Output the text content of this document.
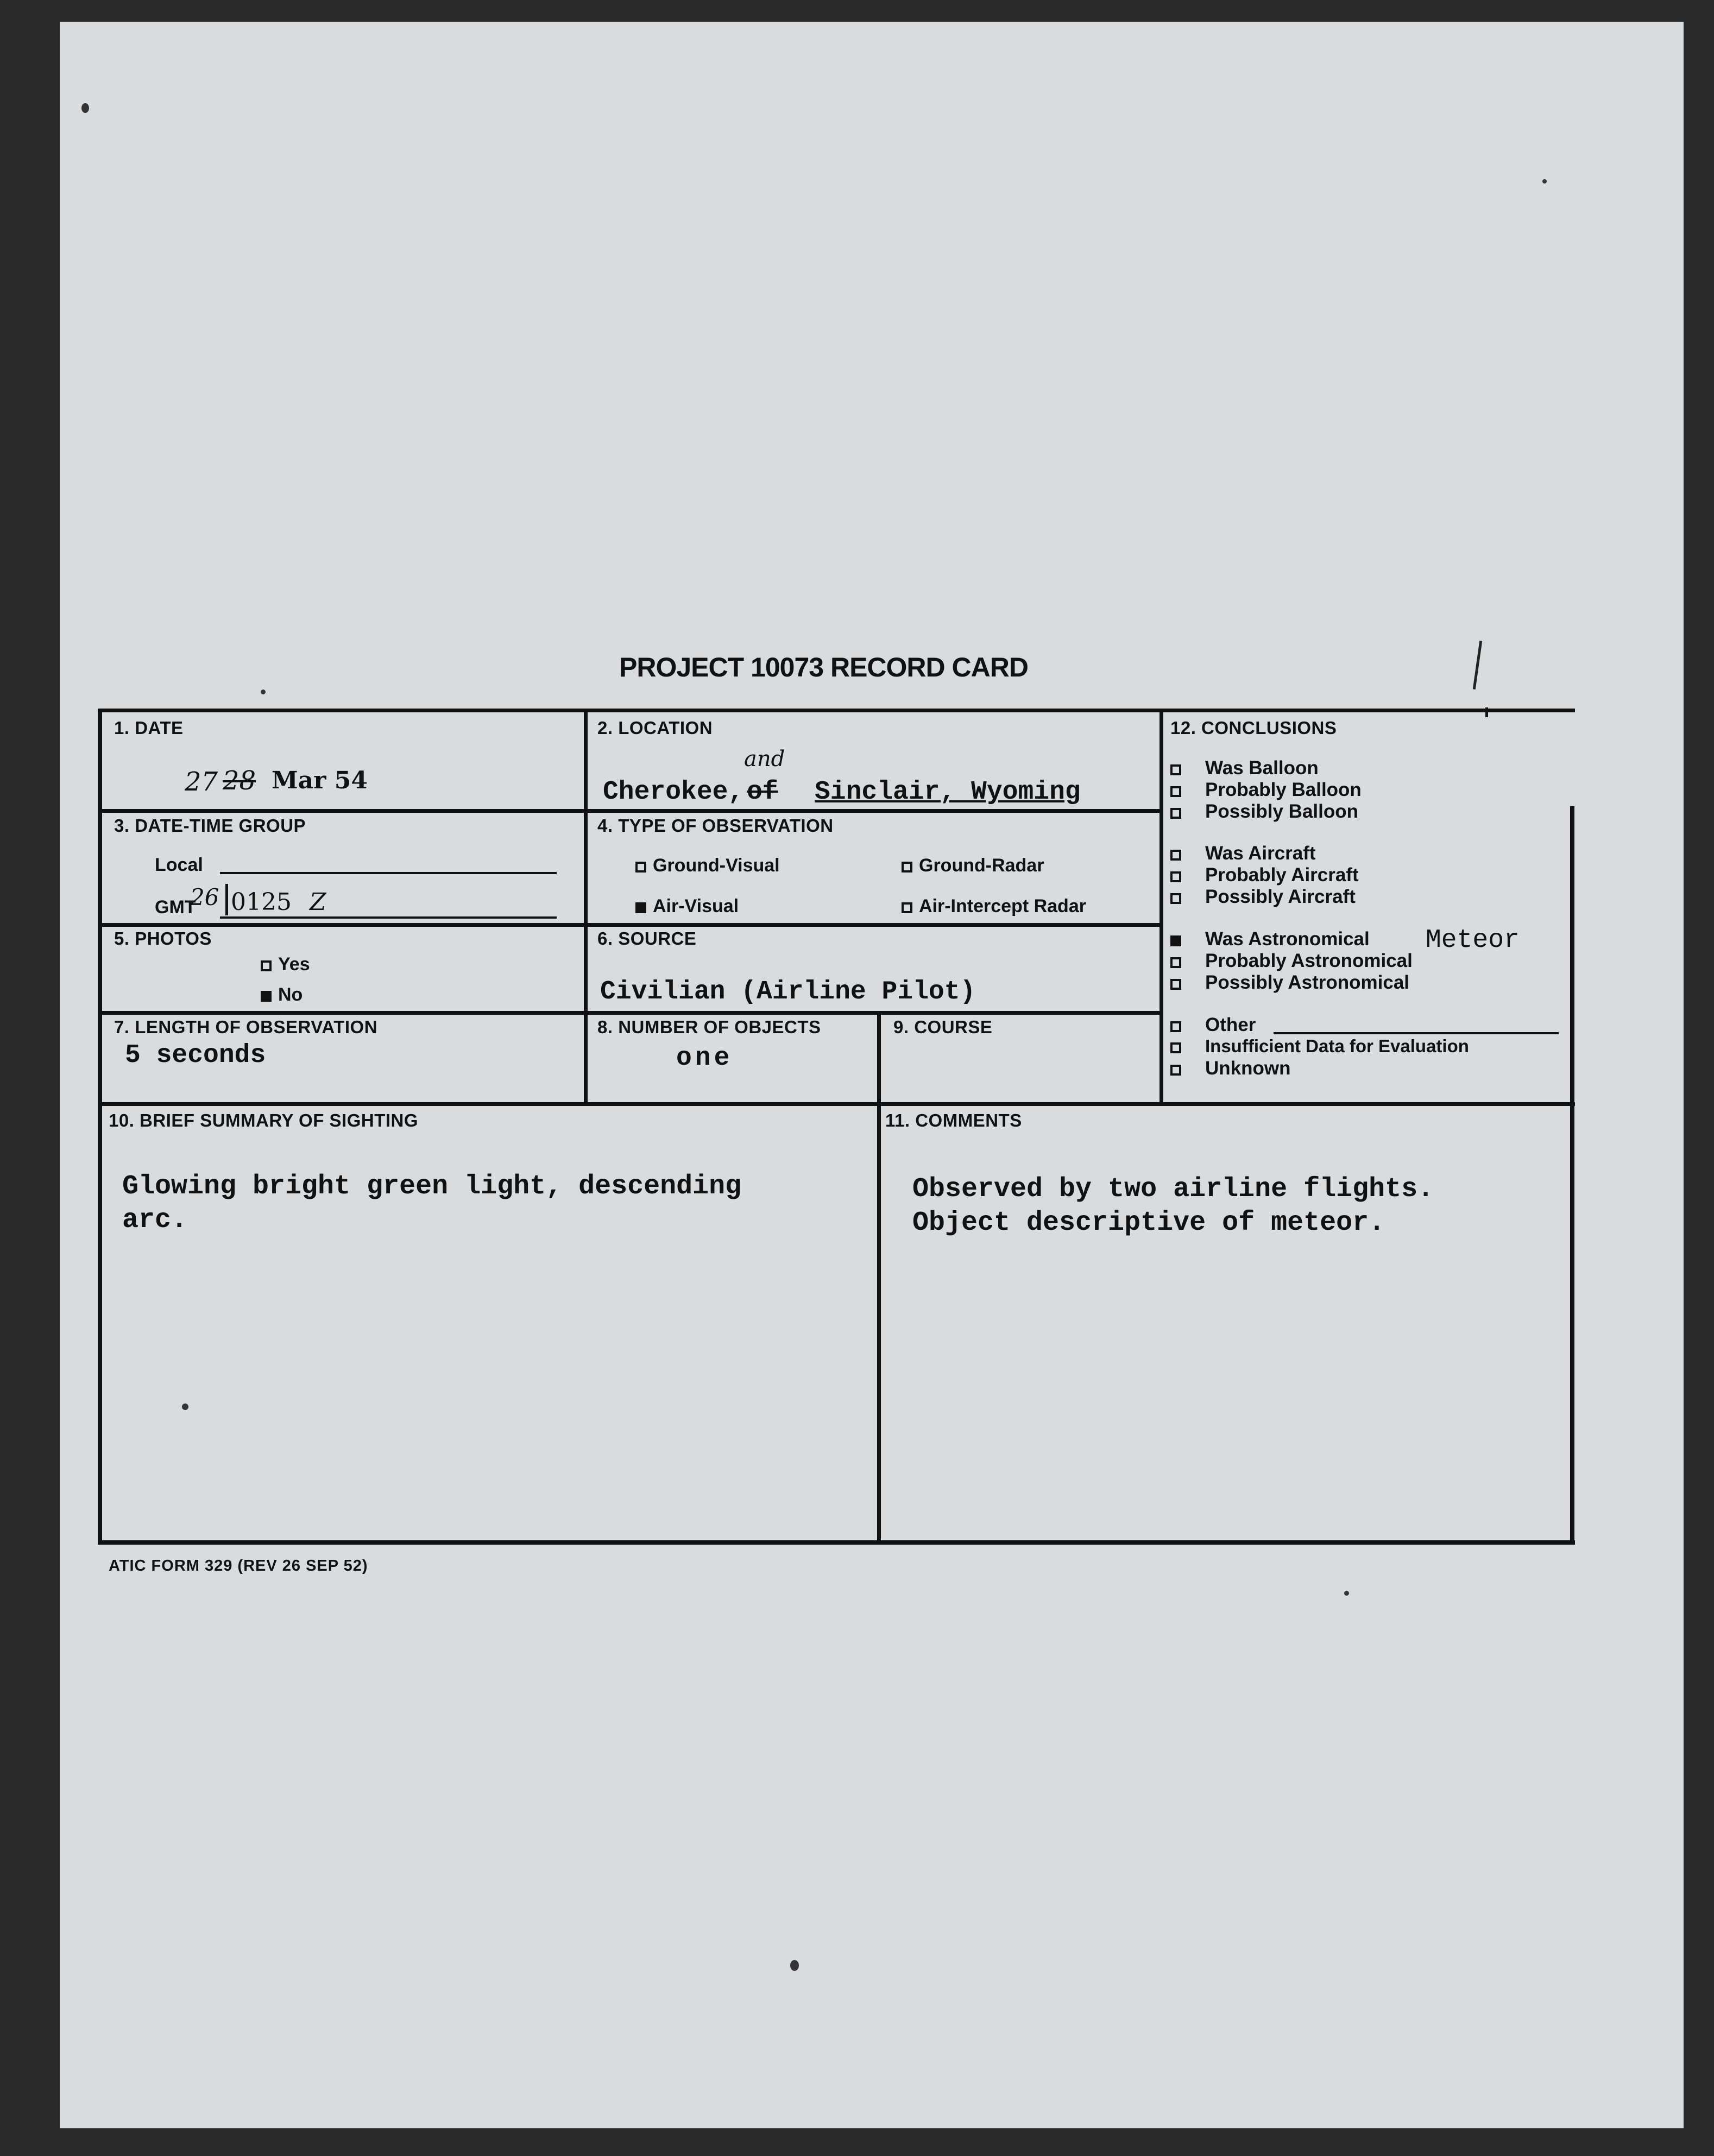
PROJECT 10073 RECORD CARD
1. DATE
27 28 Mar 54
2. LOCATION
and
Cherokee, of Sinclair, Wyoming
3. DATE-TIME GROUP
Local
GMT
26 0125 Z
4. TYPE OF OBSERVATION
Ground-Visual	Ground-Radar
Air-Visual	Air-Intercept Radar
5. PHOTOS
Yes
No
6. SOURCE
Civilian (Airline Pilot)
7. LENGTH OF OBSERVATION
5 seconds
8. NUMBER OF OBJECTS
one
9. COURSE
12. CONCLUSIONS
Was Balloon
Probably Balloon
Possibly Balloon
Was Aircraft
Probably Aircraft
Possibly Aircraft
Was Astronomical
Probably Astronomical
Possibly Astronomical
Other
Insufficient Data for Evaluation
Unknown
Meteor
10. BRIEF SUMMARY OF SIGHTING
Glowing bright green light, descending
arc.
11. COMMENTS
Observed by two airline flights.
Object descriptive of meteor.
ATIC FORM 329 (REV 26 SEP 52)
